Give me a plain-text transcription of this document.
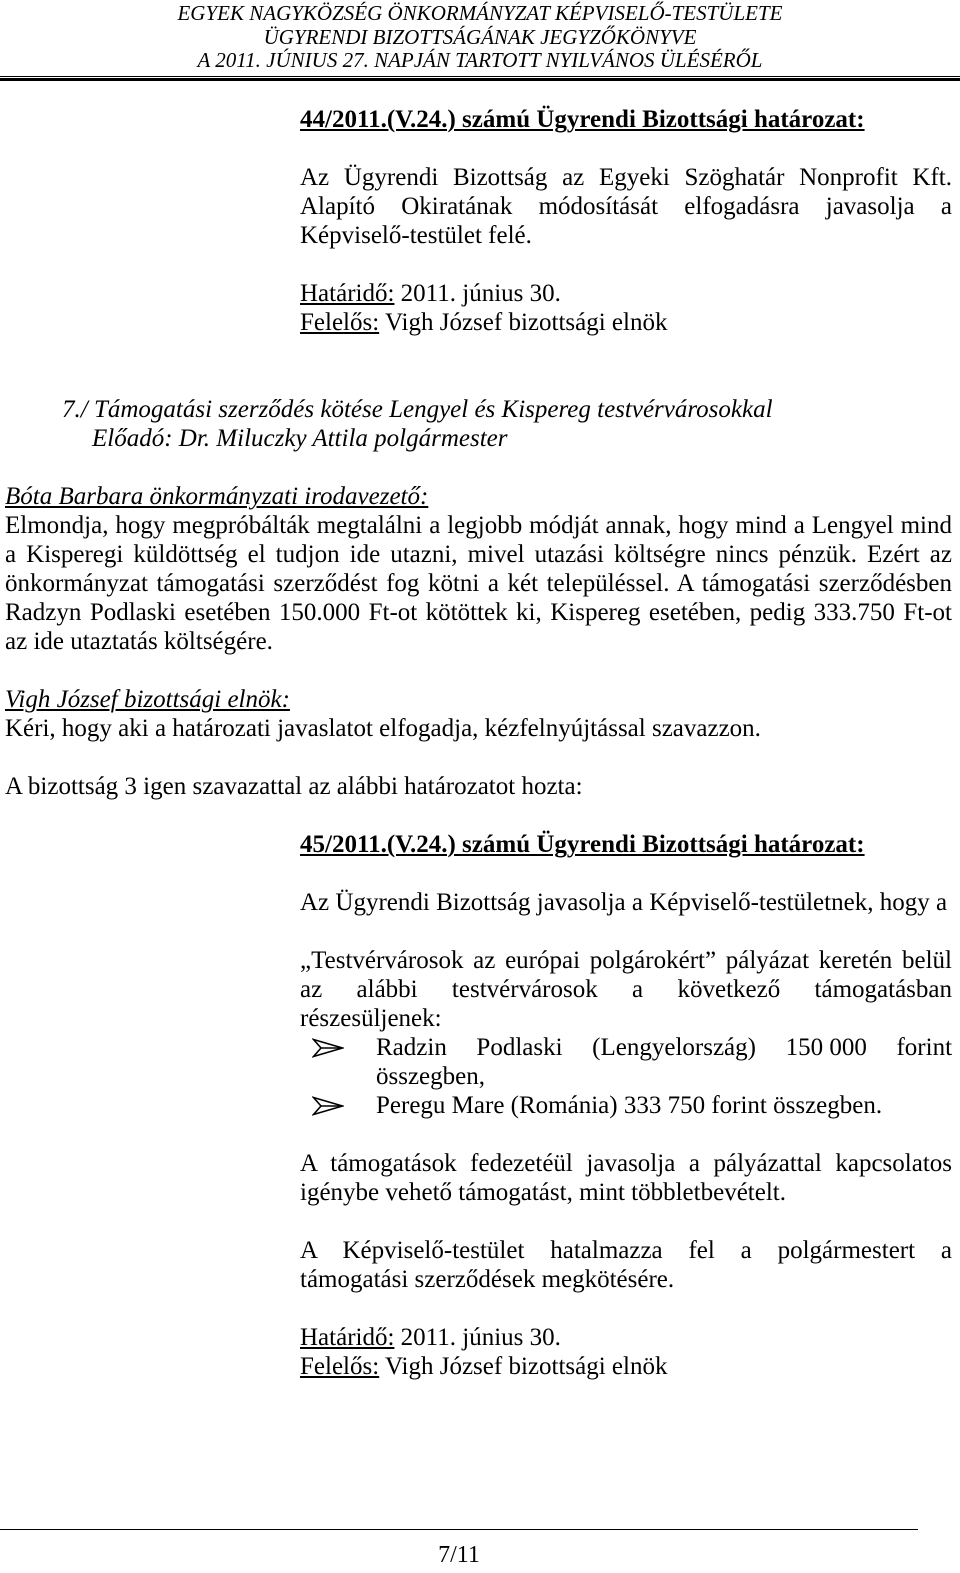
EGYEK NAGYKÖZSÉG ÖNKORMÁNYZAT KÉPVISELŐ-TESTÜLETE
ÜGYRENDI BIZOTTSÁGÁNAK JEGYZŐKÖNYVE
A 2011. JÚNIUS 27. NAPJÁN TARTOTT NYILVÁNOS ÜLÉSÉRŐL
44/2011.(V.24.) számú Ügyrendi Bizottsági határozat:
Az Ügyrendi Bizottság az Egyeki Szöghatár Nonprofit Kft.
Alapító Okiratának módosítását elfogadásra javasolja a
Képviselő-testület felé.
Határidő: 2011. június 30.
Felelős: Vigh József bizottsági elnök
7./ Támogatási szerződés kötése Lengyel és Kispereg testvérvárosokkal
Előadó: Dr. Miluczky Attila polgármester
Bóta Barbara önkormányzati irodavezető:
Elmondja, hogy megpróbálták megtalálni a legjobb módját annak, hogy mind a Lengyel mind
a Kisperegi küldöttség el tudjon ide utazni, mivel utazási költségre nincs pénzük. Ezért az
önkormányzat támogatási szerződést fog kötni a két településsel. A támogatási szerződésben
Radzyn Podlaski esetében 150.000 Ft-ot kötöttek ki, Kispereg esetében, pedig 333.750 Ft-ot
az ide utaztatás költségére.
Vigh József bizottsági elnök:
Kéri, hogy aki a határozati javaslatot elfogadja, kézfelnyújtással szavazzon.
A bizottság 3 igen szavazattal az alábbi határozatot hozta:
45/2011.(V.24.) számú Ügyrendi Bizottsági határozat:
Az Ügyrendi Bizottság javasolja a Képviselő-testületnek, hogy a
„Testvérvárosok az európai polgárokért” pályázat keretén belül
az alábbi testvérvárosok a következő támogatásban
részesüljenek:
Radzin Podlaski (Lengyelország) 150 000 forint
összegben,
Peregu Mare (Románia) 333 750 forint összegben.
A támogatások fedezetéül javasolja a pályázattal kapcsolatos
igénybe vehető támogatást, mint többletbevételt.
A Képviselő-testület hatalmazza fel a polgármestert a
támogatási szerződések megkötésére.
Határidő: 2011. június 30.
Felelős: Vigh József bizottsági elnök
7/11
